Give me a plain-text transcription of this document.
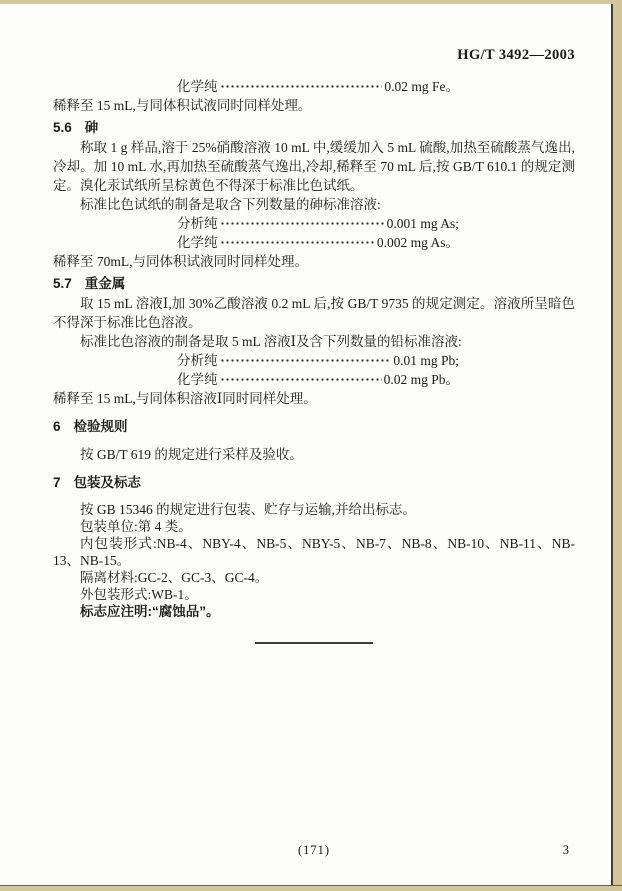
HG/T 3492—2003
化学纯	0.02 mg Fe。

稀释至 15 mL,与同体积试液同时同样处理。

5.6 砷

称取 1 g 样品,溶于 25%硝酸溶液 10 mL 中,缓缓加入 5 mL 硫酸,加热至硫酸蒸气逸出,冷却。加 10 mL 水,再加热至硫酸蒸气逸出,冷却,稀释至 70 mL 后,按 GB/T 610.1 的规定测定。溴化汞试纸所呈棕黄色不得深于标准比色试纸。

标准比色试纸的制备是取含下列数量的砷标准溶液:

分析纯	0.001 mg As;
化学纯	0.002 mg As。

稀释至 70mL,与同体积试液同时同样处理。

5.7 重金属

取 15 mL 溶液Ⅰ,加 30%乙酸溶液 0.2 mL 后,按 GB/T 9735 的规定测定。溶液所呈暗色不得深于标准比色溶液。

标准比色溶液的制备是取 5 mL 溶液Ⅰ及含下列数量的铅标准溶液:

分析纯	0.01 mg Pb;
化学纯	0.02 mg Pb。

稀释至 15 mL,与同体积溶液Ⅰ同时同样处理。

6 检验规则

按 GB/T 619 的规定进行采样及验收。

7 包装及标志

按 GB 15346 的规定进行包装、贮存与运输,并给出标志。

包装单位:第 4 类。

内包装形式:NB-4、NBY-4、NB-5、NBY-5、NB-7、NB-8、NB-10、NB-11、NB-13、NB-15。

隔离材料:GC-2、GC-3、GC-4。

外包装形式:WB-1。

标志应注明:“腐蚀品”。

(171)	3
